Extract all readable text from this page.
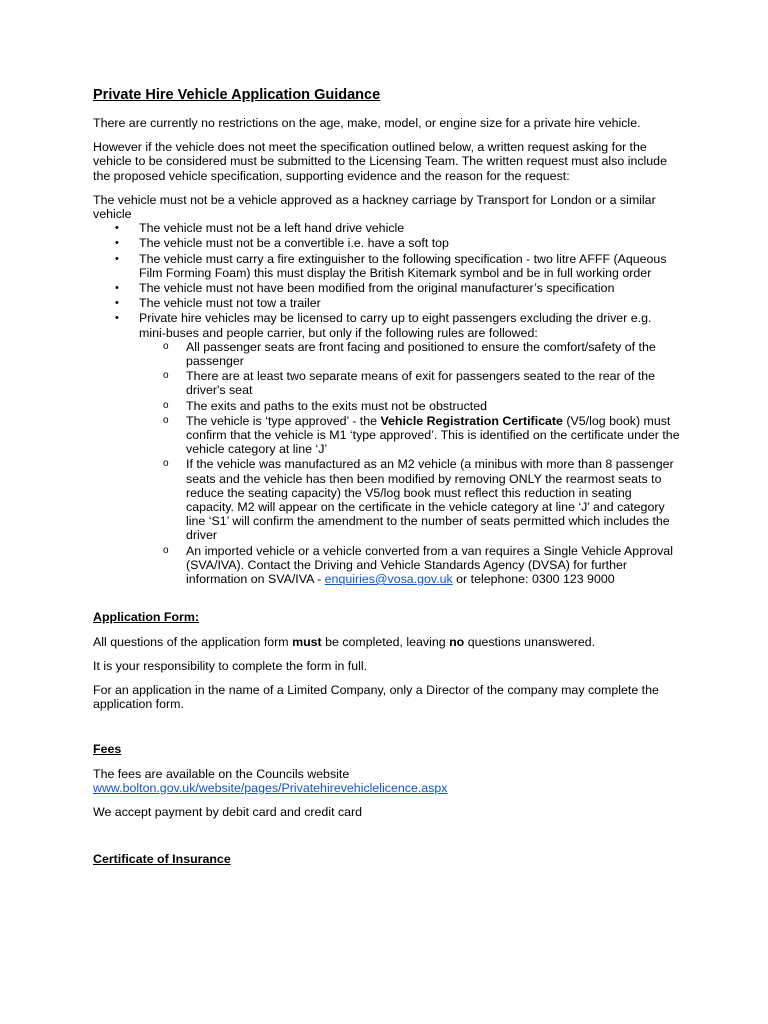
Private Hire Vehicle Application Guidance

There are currently no restrictions on the age, make, model, or engine size for a private hire vehicle.

However if the vehicle does not meet the specification outlined below, a written request asking for the vehicle to be considered must be submitted to the Licensing Team. The written request must also include the proposed vehicle specification, supporting evidence and the reason for the request:

The vehicle must not be a vehicle approved as a hackney carriage by Transport for London or a similar vehicle

• The vehicle must not be a left hand drive vehicle
• The vehicle must not be a convertible i.e. have a soft top
• The vehicle must carry a fire extinguisher to the following specification - two litre AFFF (Aqueous Film Forming Foam) this must display the British Kitemark symbol and be in full working order
• The vehicle must not have been modified from the original manufacturer’s specification
• The vehicle must not tow a trailer
• Private hire vehicles may be licensed to carry up to eight passengers excluding the driver e.g. mini-buses and people carrier, but only if the following rules are followed:
o All passenger seats are front facing and positioned to ensure the comfort/safety of the passenger
o There are at least two separate means of exit for passengers seated to the rear of the driver's seat
o The exits and paths to the exits must not be obstructed
o The vehicle is ‘type approved’ - the Vehicle Registration Certificate (V5/log book) must confirm that the vehicle is M1 ‘type approved’. This is identified on the certificate under the vehicle category at line ‘J’
o If the vehicle was manufactured as an M2 vehicle (a minibus with more than 8 passenger seats and the vehicle has then been modified by removing ONLY the rearmost seats to reduce the seating capacity) the V5/log book must reflect this reduction in seating capacity. M2 will appear on the certificate in the vehicle category at line ‘J’ and category line ‘S1’ will confirm the amendment to the number of seats permitted which includes the driver
o An imported vehicle or a vehicle converted from a van requires a Single Vehicle Approval (SVA/IVA). Contact the Driving and Vehicle Standards Agency (DVSA) for further information on SVA/IVA - enquiries@vosa.gov.uk or telephone: 0300 123 9000
Application Form:

All questions of the application form must be completed, leaving no questions unanswered.

It is your responsibility to complete the form in full.

For an application in the name of a Limited Company, only a Director of the company may complete the application form.

Fees

The fees are available on the Councils website
www.bolton.gov.uk/website/pages/Privatehirevehiclelicence.aspx

We accept payment by debit card and credit card

Certificate of Insurance
